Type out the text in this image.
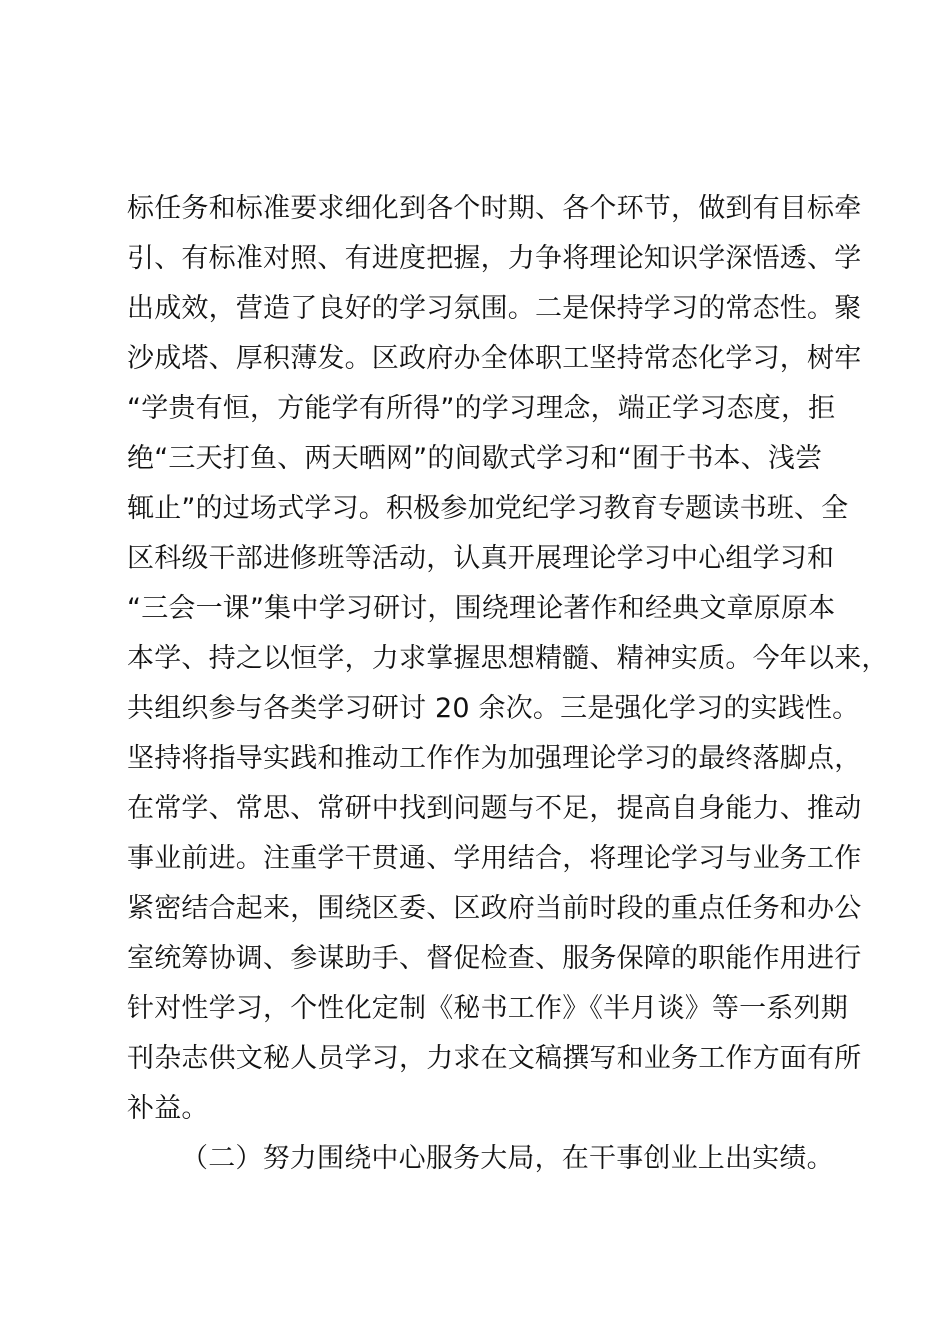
标任务和标准要求细化到各个时期、各个环节，做到有目标牵
引、有标准对照、有进度把握，力争将理论知识学深悟透、学
出成效，营造了良好的学习氛围。二是保持学习的常态性。聚
沙成塔、厚积薄发。区政府办全体职工坚持常态化学习，树牢
“学贵有恒，方能学有所得”的学习理念，端正学习态度，拒
绝“三天打鱼、两天晒网”的间歇式学习和“囿于书本、浅尝
辄止”的过场式学习。积极参加党纪学习教育专题读书班、全
区科级干部进修班等活动，认真开展理论学习中心组学习和
“三会一课”集中学习研讨，围绕理论著作和经典文章原原本
本学、持之以恒学，力求掌握思想精髓、精神实质。今年以来，
共组织参与各类学习研讨 20 余次。三是强化学习的实践性。
坚持将指导实践和推动工作作为加强理论学习的最终落脚点，
在常学、常思、常研中找到问题与不足，提高自身能力、推动
事业前进。注重学干贯通、学用结合，将理论学习与业务工作
紧密结合起来，围绕区委、区政府当前时段的重点任务和办公
室统筹协调、参谋助手、督促检查、服务保障的职能作用进行
针对性学习，个性化定制《秘书工作》《半月谈》等一系列期
刊杂志供文秘人员学习，力求在文稿撰写和业务工作方面有所
补益。
（二）努力围绕中心服务大局，在干事创业上出实绩。
